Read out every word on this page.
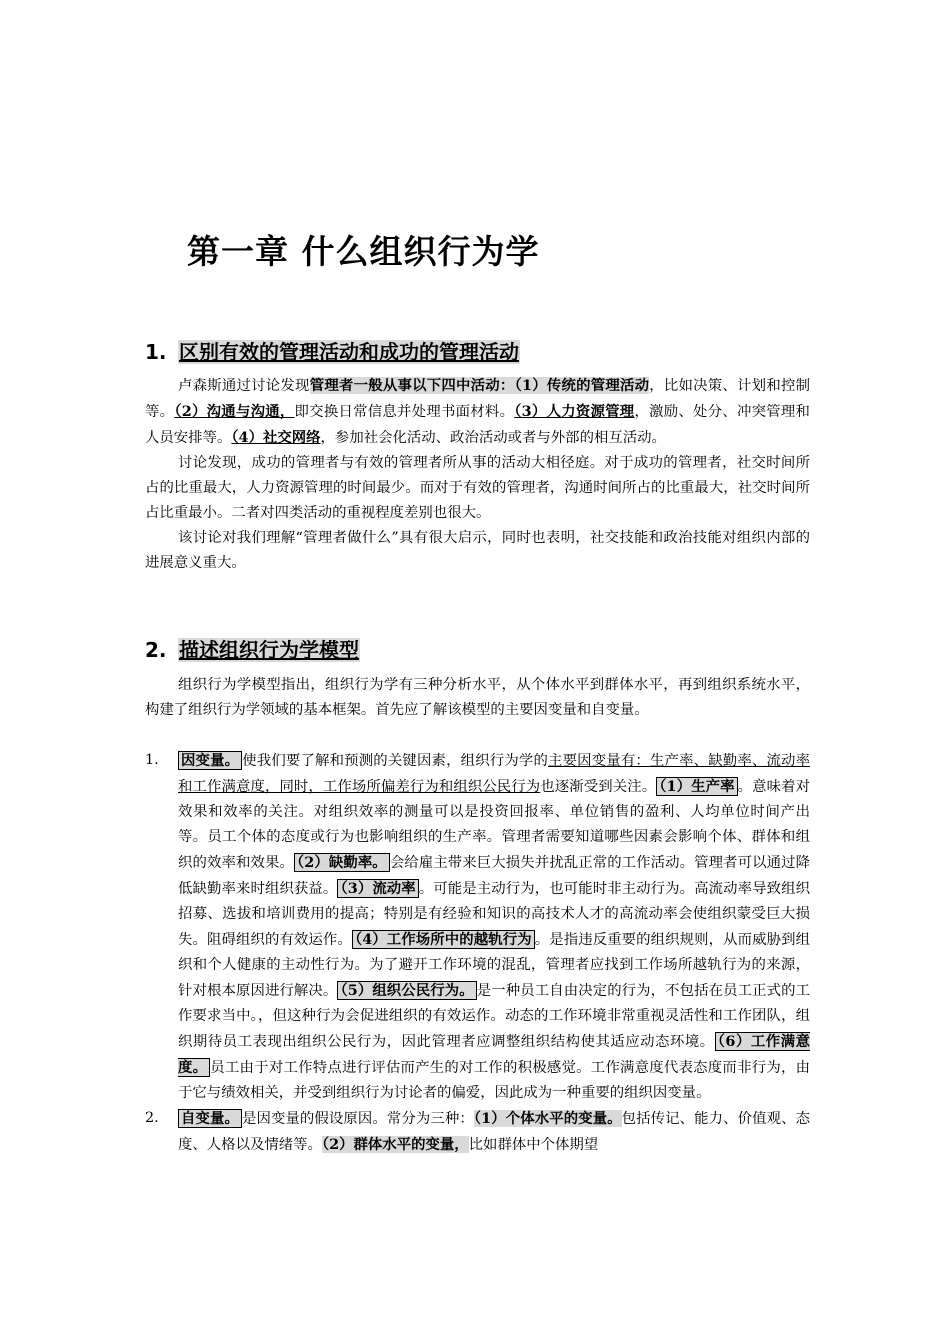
第一章 什么组织行为学
1. 区别有效的管理活动和成功的管理活动

卢森斯通过讨论发现管理者一般从事以下四中活动：（1）传统的管理活动，比如决策、计划和控制等。（2）沟通与沟通，即交换日常信息并处理书面材料。（3）人力资源管理，激励、处分、冲突管理和人员安排等。（4）社交网络，参加社会化活动、政治活动或者与外部的相互活动。

讨论发现，成功的管理者与有效的管理者所从事的活动大相径庭。对于成功的管理者，社交时间所占的比重最大，人力资源管理的时间最少。而对于有效的管理者，沟通时间所占的比重最大，社交时间所占比重最小。二者对四类活动的重视程度差别也很大。

该讨论对我们理解“管理者做什么”具有很大启示，同时也表明，社交技能和政治技能对组织内部的进展意义重大。

2. 描述组织行为学模型

组织行为学模型指出，组织行为学有三种分析水平，从个体水平到群体水平，再到组织系统水平，构建了组织行为学领域的基本框架。首先应了解该模型的主要因变量和自变量。

1. 因变量。 使我们要了解和预测的关键因素，组织行为学的主要因变量有：生产率、缺勤率、流动率和工作满意度，同时，工作场所偏差行为和组织公民行为也逐渐受到关注。 （1）生产率 。意味着对效果和效率的关注。对组织效率的测量可以是投资回报率、单位销售的盈利、人均单位时间产出等。员工个体的态度或行为也影响组织的生产率。管理者需要知道哪些因素会影响个体、群体和组织的效率和效果。 （2）缺勤率。 会给雇主带来巨大损失并扰乱正常的工作活动。管理者可以通过降低缺勤率来时组织获益。 （3）流动率 。可能是主动行为，也可能时非主动行为。高流动率导致组织招募、选拔和培训费用的提高；特别是有经验和知识的高技术人才的高流动率会使组织蒙受巨大损失。阻碍组织的有效运作。 （4）工作场所中的越轨行为 。是指违反重要的组织规则，从而威胁到组织和个人健康的主动性行为。为了避开工作环境的混乱，管理者应找到工作场所越轨行为的来源，针对根本原因进行解决。 （5）组织公民行为。 是一种员工自由决定的行为，不包括在员工正式的工作要求当中。，但这种行为会促进组织的有效运作。动态的工作环境非常重视灵活性和工作团队，组织期待员工表现出组织公民行为，因此管理者应调整组织结构使其适应动态环境。 （6）工作满意度。 员工由于对工作特点进行评估而产生的对工作的积极感觉。工作满意度代表态度而非行为，由于它与绩效相关，并受到组织行为讨论者的偏爱，因此成为一种重要的组织因变量。
2. 自变量。 是因变量的假设原因。常分为三种：（1）个体水平的变量。包括传记、能力、价值观、态度、人格以及情绪等。（2）群体水平的变量，比如群体中个体期望
